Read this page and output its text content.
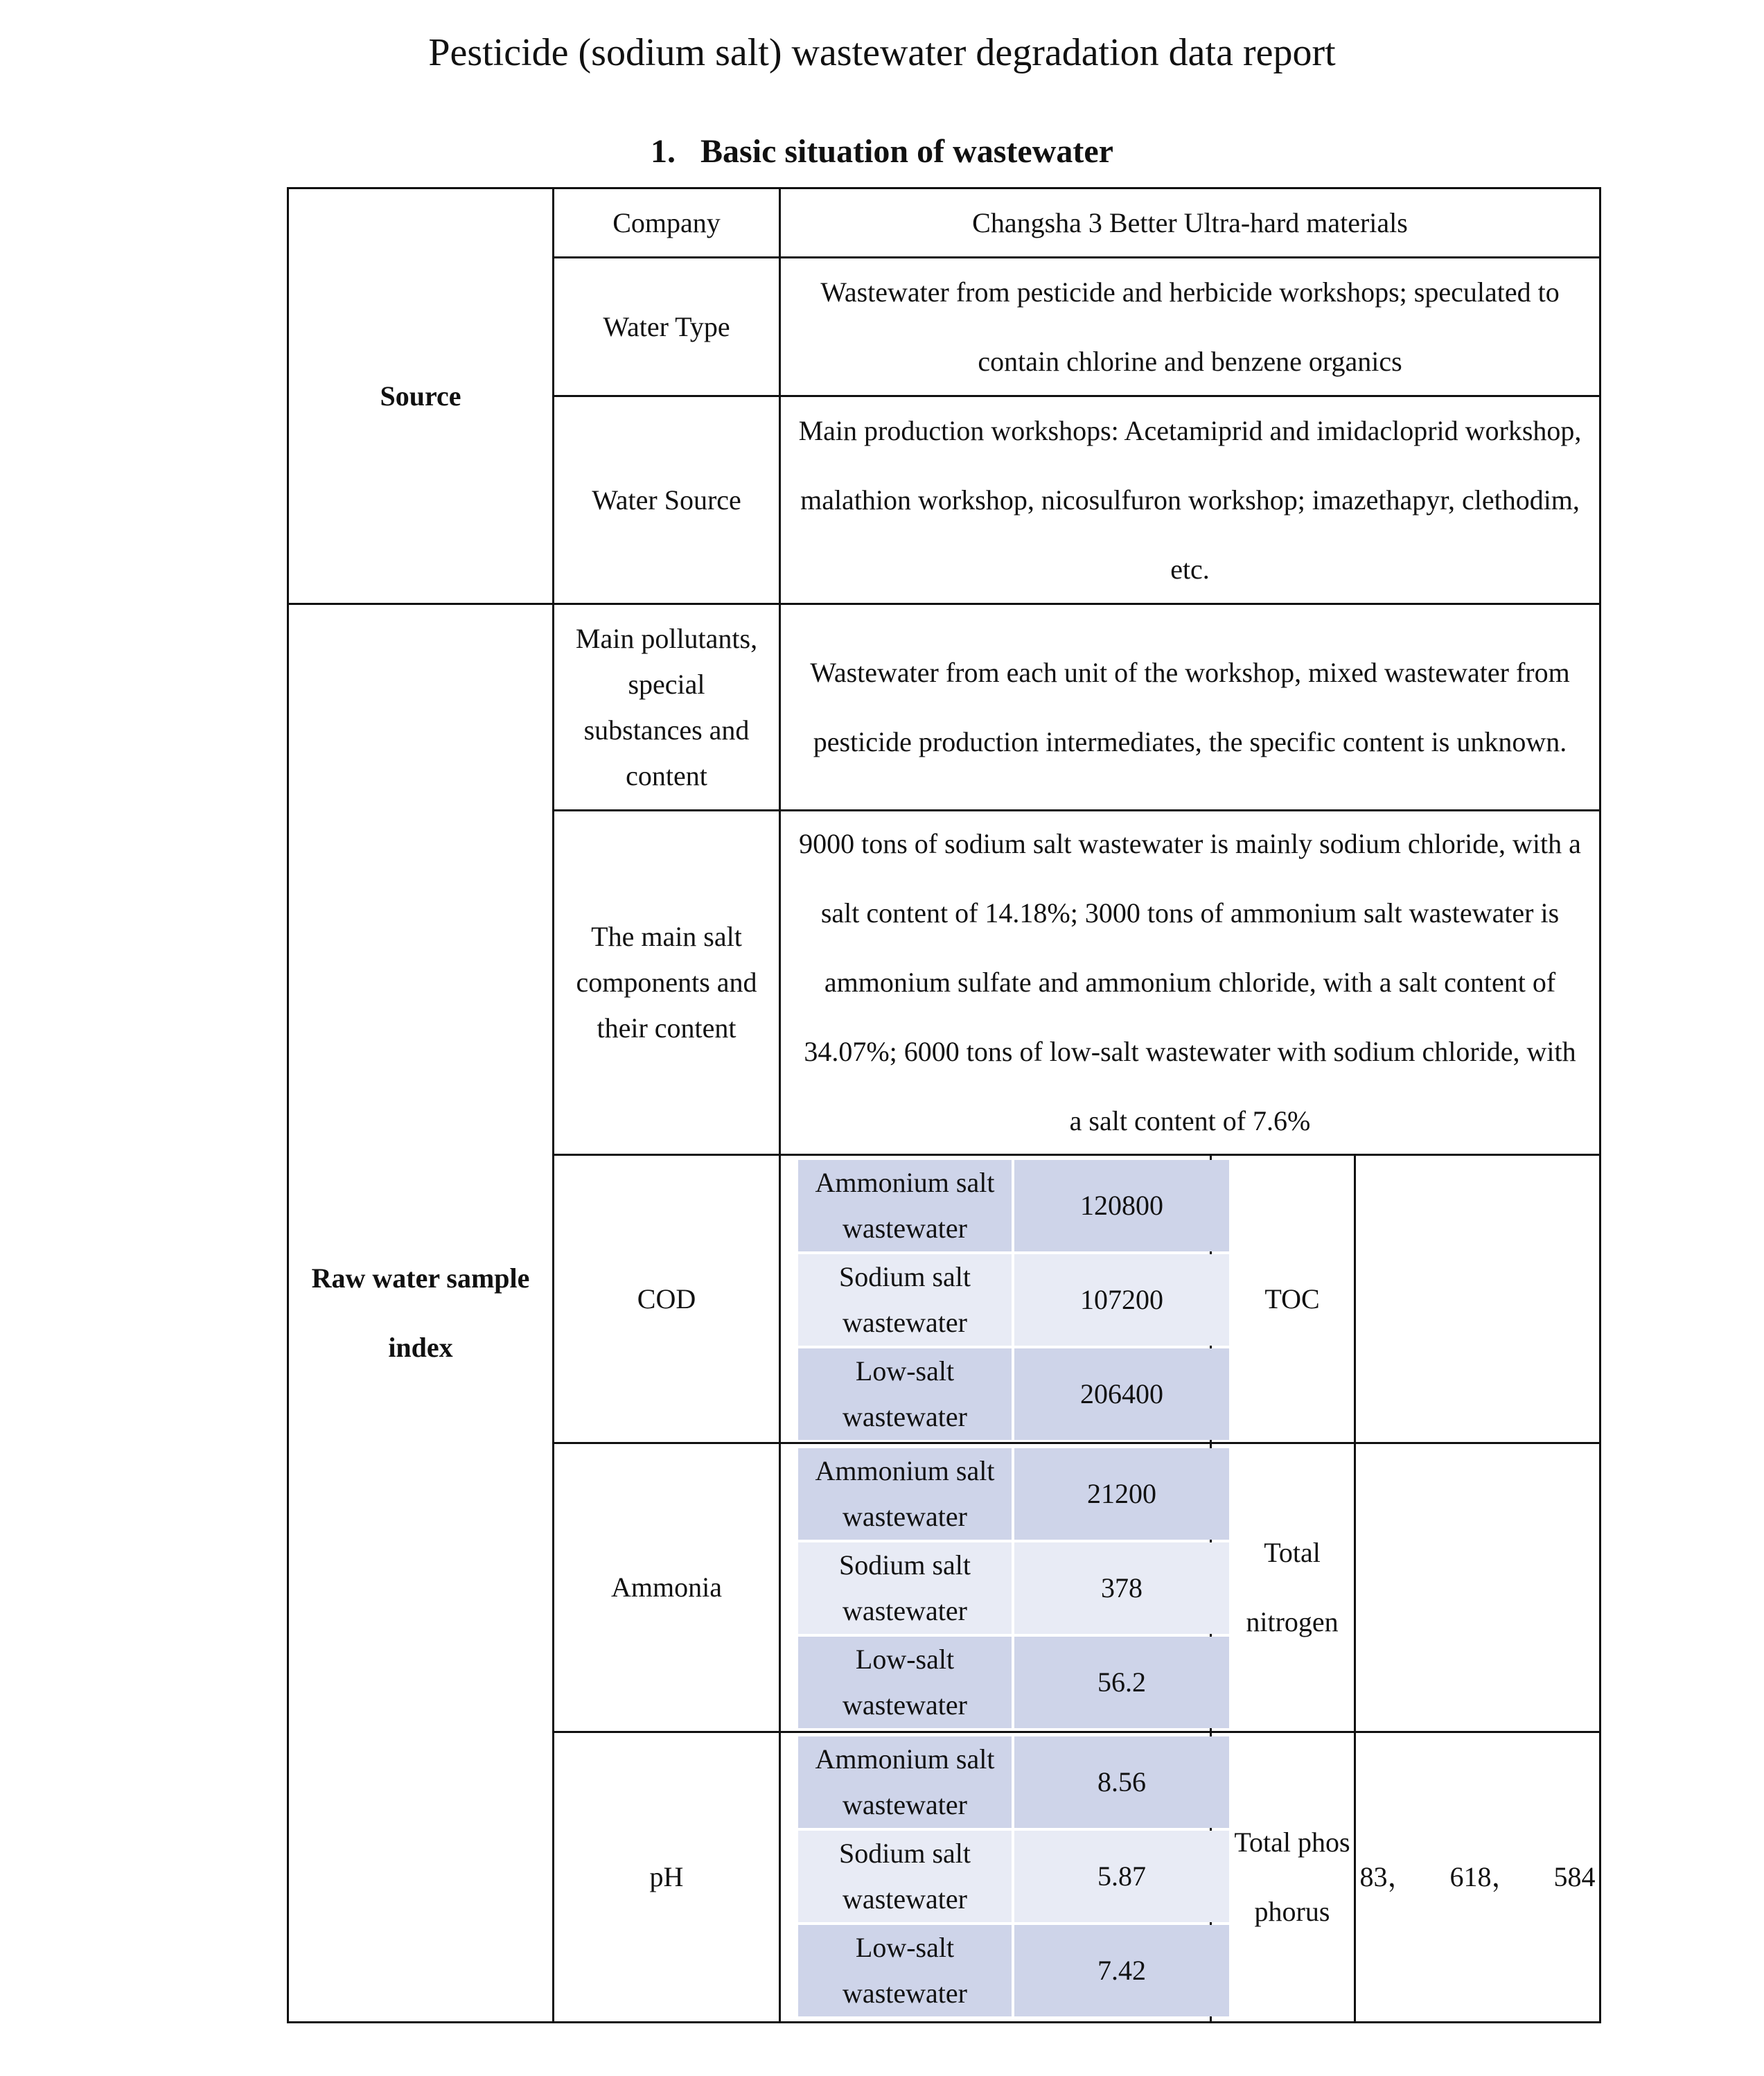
Pesticide (sodium salt) wastewater degradation data report
1.   Basic situation of wastewater
Source
Company	Changsha 3 Better Ultra-hard materials
Water Type
Wastewater from pesticide and herbicide workshops; speculated to contain chlorine and benzene organics
Water Source
Main production workshops: Acetamiprid and imidacloprid workshop, malathion workshop, nicosulfuron workshop; imazethapyr, clethodim, etc.
Raw water sample index
Main pollutants, special substances and content
Wastewater from each unit of the workshop, mixed wastewater from pesticide production intermediates, the specific content is unknown.
The main salt components and their content
9000 tons of sodium salt wastewater is mainly sodium chloride, with a salt content of 14.18%; 3000 tons of ammonium salt wastewater is ammonium sulfate and ammonium chloride, with a salt content of 34.07%; 6000 tons of low-salt wastewater with sodium chloride, with a salt content of 7.6%
COD
Ammonium salt wastewater
120800
Sodium salt wastewater
107200
Low-salt wastewater
206400
TOC
Ammonia
Ammonium salt wastewater
21200
Sodium salt wastewater
378
Low-salt wastewater
56.2
Total nitrogen
pH
Ammonium salt wastewater
8.56
Sodium salt wastewater
5.87
Low-salt wastewater
7.42
Total phosphorus
83，     618，     584
